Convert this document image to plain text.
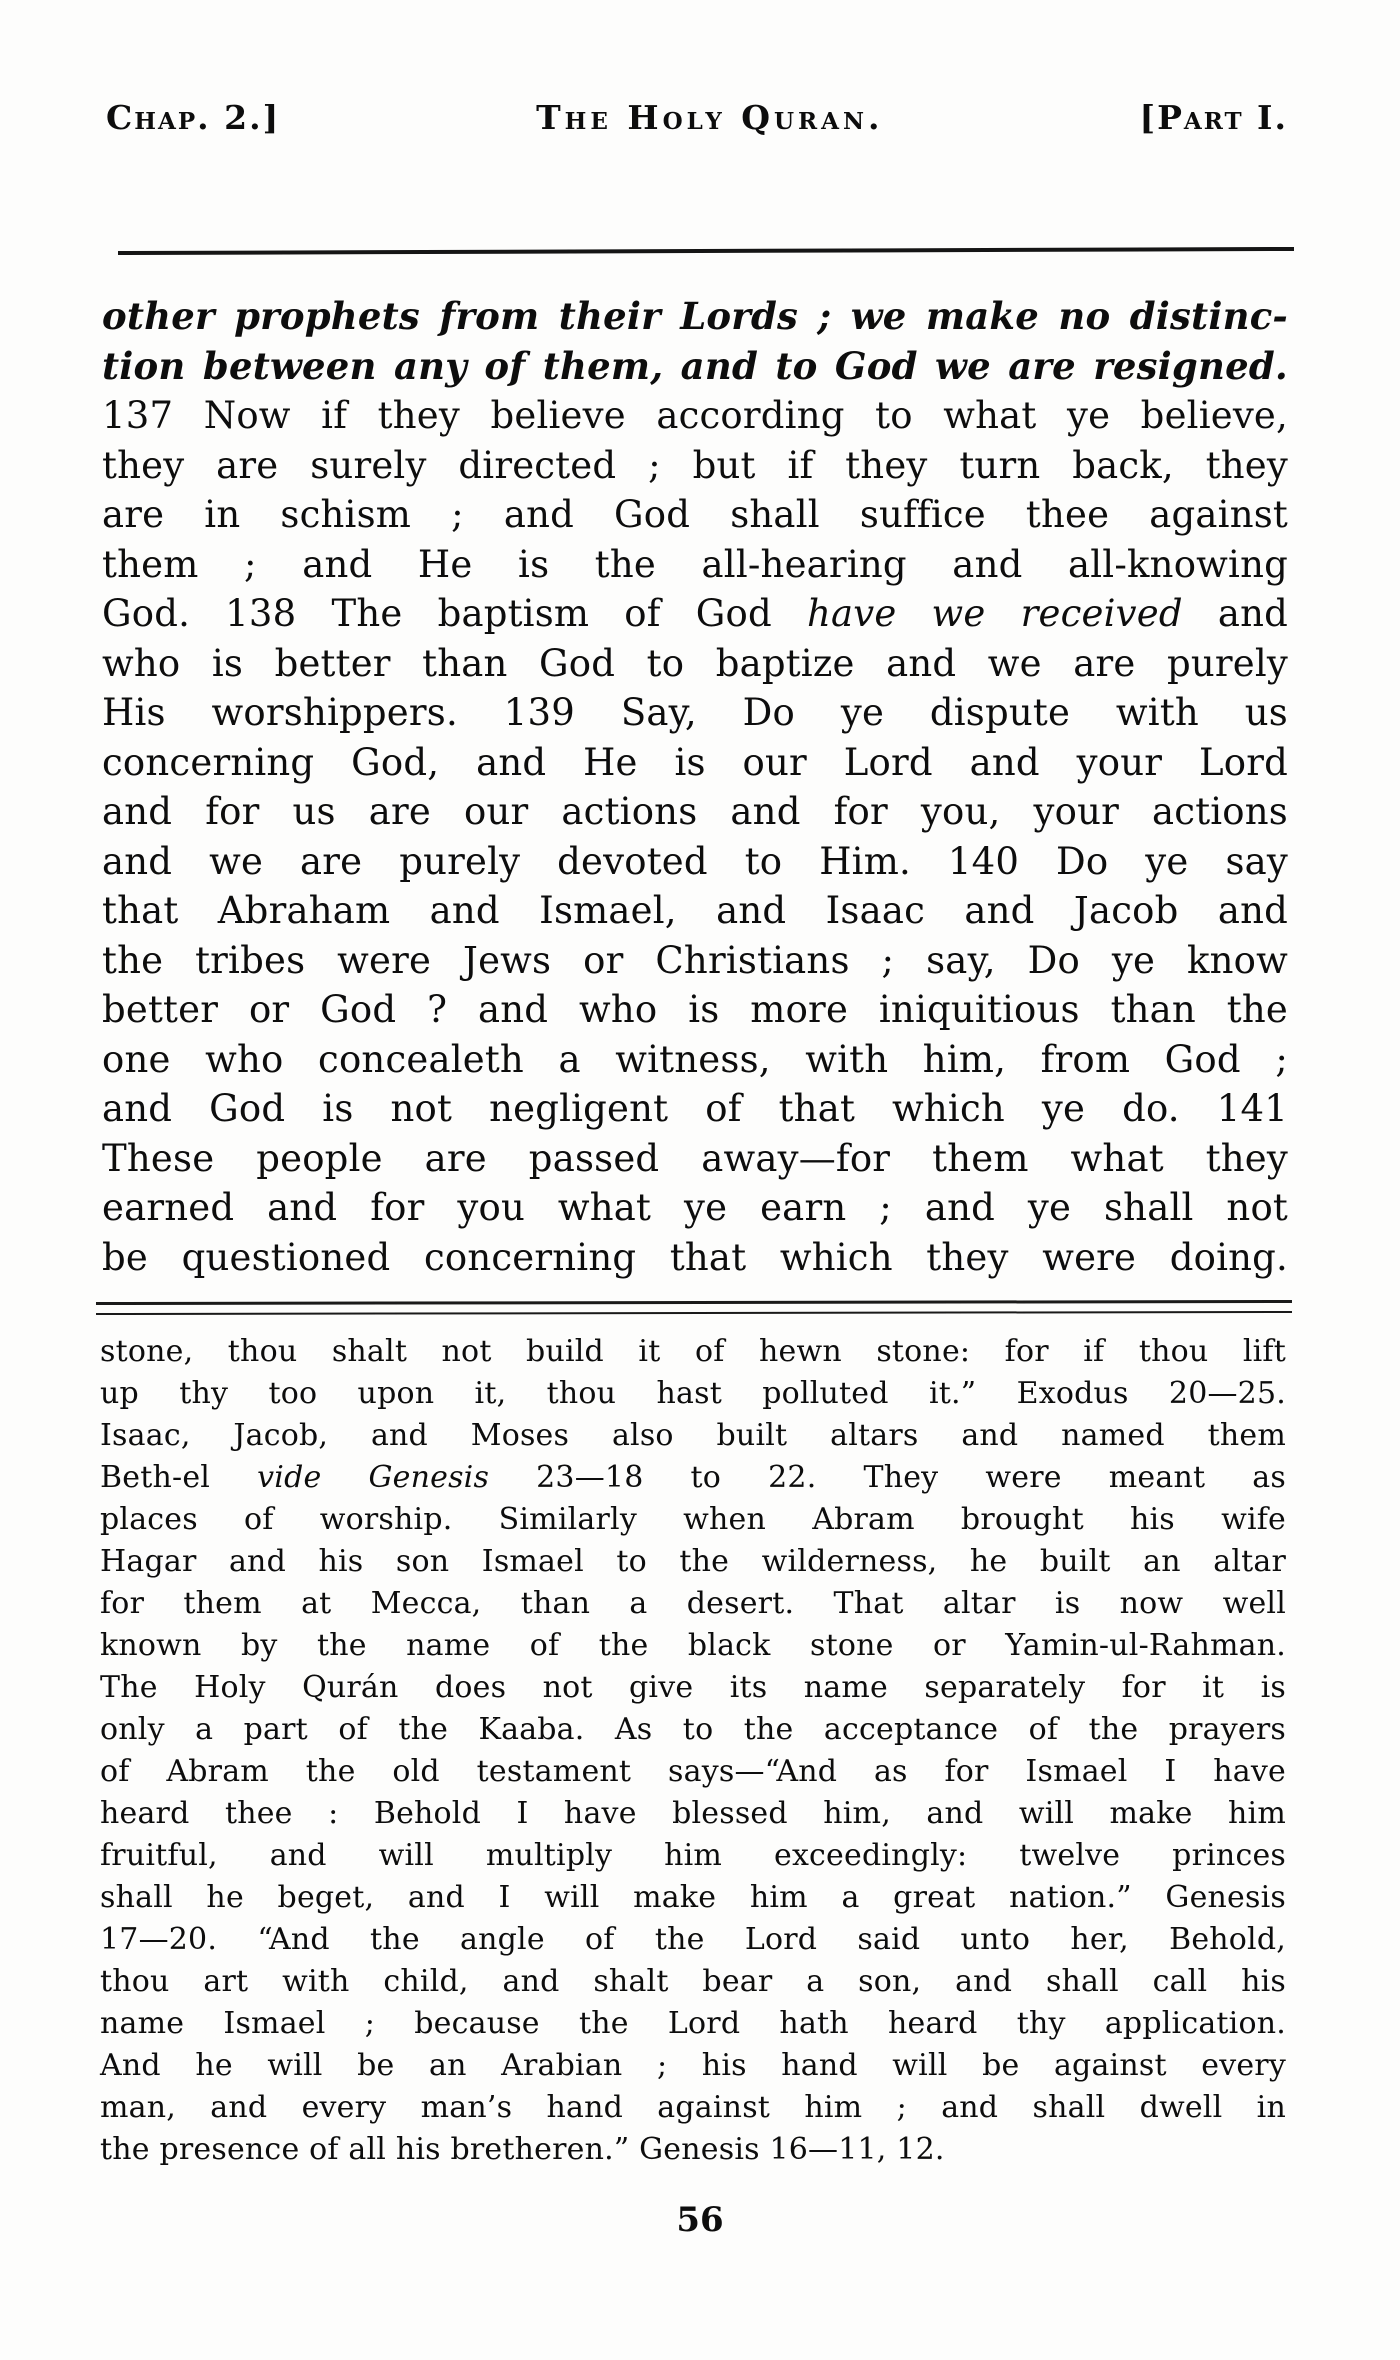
Chap. 2.]	The Holy Quran.	[Part I.
other prophets from their Lords ; we make no distinc-
tion between any of them, and to God we are resigned.
137 Now if they believe according to what ye believe,
they are surely directed ; but if they turn back, they
are in schism ; and God shall suffice thee against
them ; and He is the all-hearing and all-knowing
God. 138 The baptism of God have we received and
who is better than God to baptize and we are purely
His worshippers. 139 Say, Do ye dispute with us
concerning God, and He is our Lord and your Lord
and for us are our actions and for you, your actions
and we are purely devoted to Him. 140 Do ye say
that Abraham and Ismael, and Isaac and Jacob and
the tribes were Jews or Christians ; say, Do ye know
better or God ? and who is more iniquitious than the
one who concealeth a witness, with him, from God ;
and God is not negligent of that which ye do. 141
These people are passed away—for them what they
earned and for you what ye earn ; and ye shall not
be questioned concerning that which they were doing.
stone, thou shalt not build it of hewn stone: for if thou lift
up thy too upon it, thou hast polluted it.” Exodus 20—25.
Isaac, Jacob, and Moses also built altars and named them
Beth-el vide Genesis 23—18 to 22. They were meant as
places of worship. Similarly when Abram brought his wife
Hagar and his son Ismael to the wilderness, he built an altar
for them at Mecca, than a desert. That altar is now well
known by the name of the black stone or Yamin-ul-Rahman.
The Holy Qurán does not give its name separately for it is
only a part of the Kaaba. As to the acceptance of the prayers
of Abram the old testament says—“And as for Ismael I have
heard thee : Behold I have blessed him, and will make him
fruitful, and will multiply him exceedingly: twelve princes
shall he beget, and I will make him a great nation.” Genesis
17—20. “And the angle of the Lord said unto her, Behold,
thou art with child, and shalt bear a son, and shall call his
name Ismael ; because the Lord hath heard thy application.
And he will be an Arabian ; his hand will be against every
man, and every man’s hand against him ; and shall dwell in
the presence of all his bretheren.” Genesis 16—11, 12.
56
